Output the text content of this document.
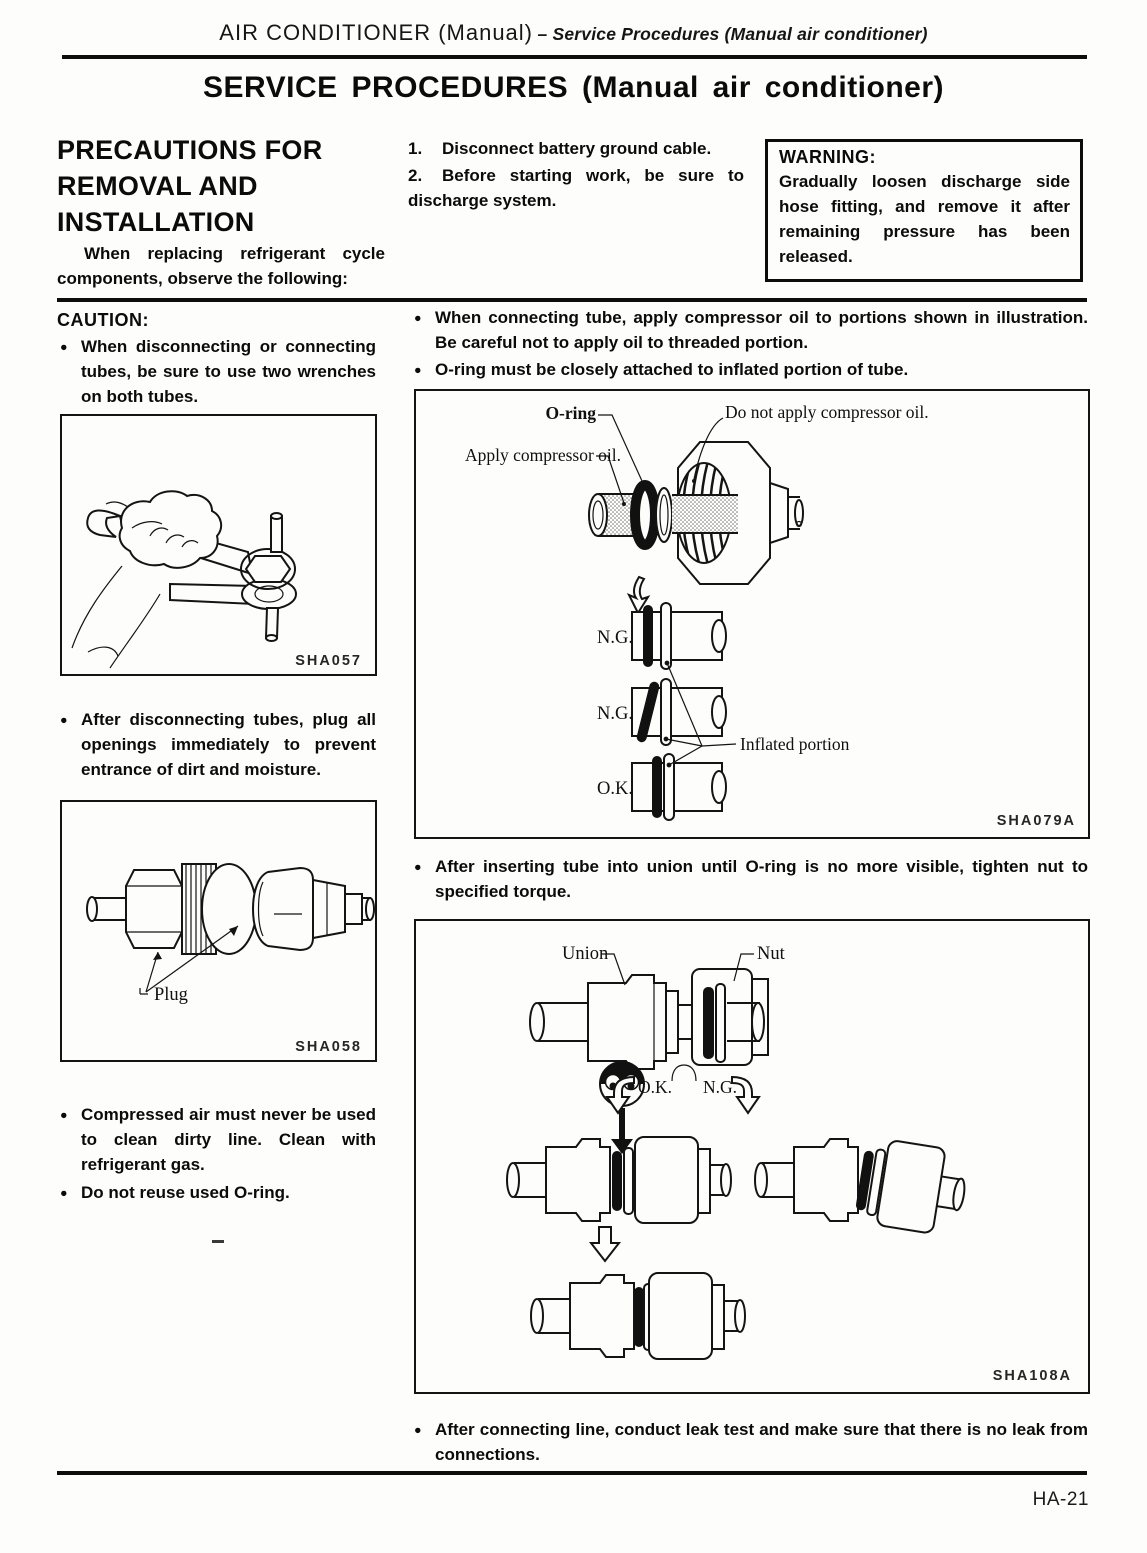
AIR CONDITIONER (Manual) – Service Procedures (Manual air conditioner)
SERVICE PROCEDURES (Manual air conditioner)
PRECAUTIONS FOR REMOVAL AND INSTALLATION
When replacing refrigerant cycle components, observe the following:
1. Disconnect battery ground cable.
2. Before starting work, be sure to discharge system.
WARNING:
Gradually loosen discharge side hose fitting, and remove it after remaining pressure has been released.
CAUTION:
● When disconnecting or connecting tubes, be sure to use two wrenches on both tubes.
● After disconnecting tubes, plug all openings immediately to prevent entrance of dirt and moisture.
● Compressed air must never be used to clean dirty line. Clean with refrigerant gas.
● Do not reuse used O-ring.
● When connecting tube, apply compressor oil to portions shown in illustration. Be careful not to apply oil to threaded portion.
● O-ring must be closely attached to inflated portion of tube.
● After inserting tube into union until O-ring is no more visible, tighten nut to specified torque.
● After connecting line, conduct leak test and make sure that there is no leak from connections.
SHA057
Plug
SHA058
O-ring	Do not apply compressor oil.
Apply compressor oil.
N.G.
N.G.
O.K.
Inflated portion
SHA079A
Union	Nut
O.K. N.G.
SHA108A
HA-21
